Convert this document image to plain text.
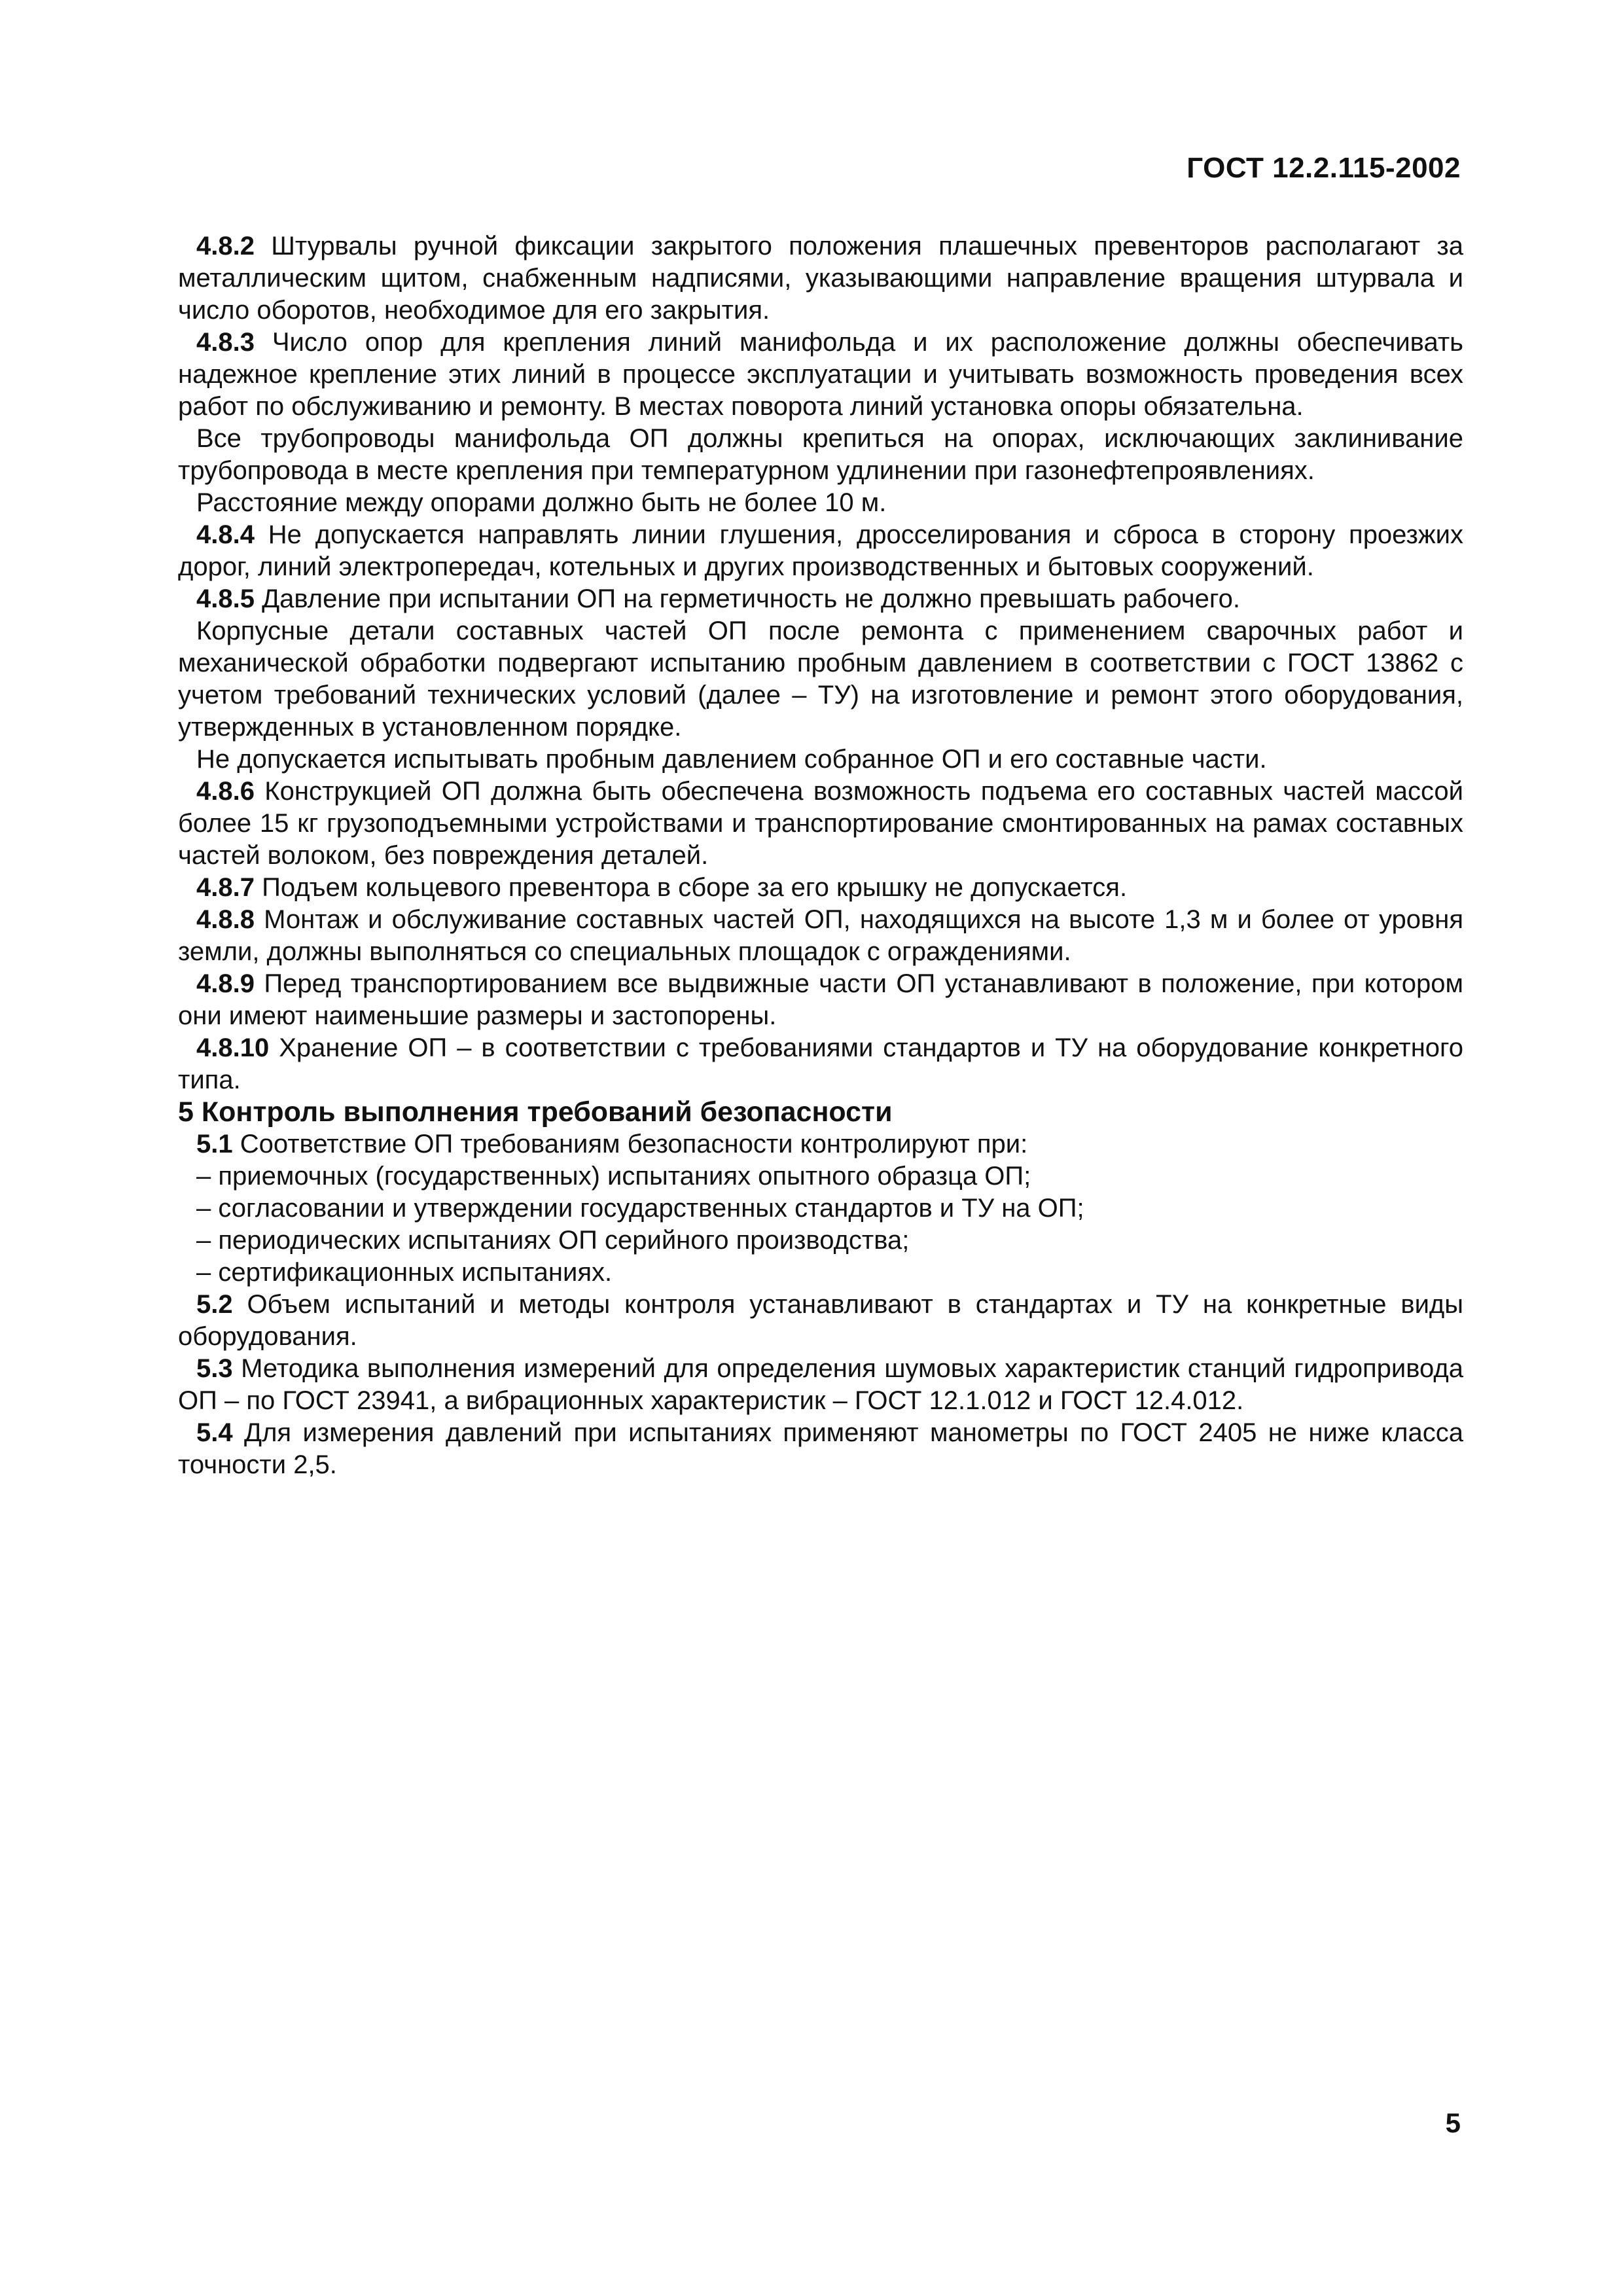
ГОСТ 12.2.115-2002

4.8.2 Штурвалы ручной фиксации закрытого положения плашечных превенторов располагают за металлическим щитом, снабженным надписями, указывающими направление вращения штурвала и число оборотов, необходимое для его закрытия.

4.8.3 Число опор для крепления линий манифольда и их расположение должны обеспечивать надежное крепление этих линий в процессе эксплуатации и учитывать возможность проведения всех работ по обслуживанию и ремонту. В местах поворота линий установка опоры обязательна.

Все трубопроводы манифольда ОП должны крепиться на опорах, исключающих заклинивание трубопровода в месте крепления при температурном удлинении при газонефтепроявлениях.

Расстояние между опорами должно быть не более 10 м.

4.8.4 Не допускается направлять линии глушения, дросселирования и сброса в сторону проезжих дорог, линий электропередач, котельных и других производственных и бытовых сооружений.

4.8.5 Давление при испытании ОП на герметичность не должно превышать рабочего.

Корпусные детали составных частей ОП после ремонта с применением сварочных работ и механической обработки подвергают испытанию пробным давлением в соответствии с ГОСТ 13862 с учетом требований технических условий (далее – ТУ) на изготовление и ремонт этого оборудования, утвержденных в установленном порядке.

Не допускается испытывать пробным давлением собранное ОП и его составные части.

4.8.6 Конструкцией ОП должна быть обеспечена возможность подъема его составных частей массой более 15 кг грузоподъемными устройствами и транспортирование смонтированных на рамах составных частей волоком, без повреждения деталей.

4.8.7 Подъем кольцевого превентора в сборе за его крышку не допускается.

4.8.8 Монтаж и обслуживание составных частей ОП, находящихся на высоте 1,3 м и более от уровня земли, должны выполняться со специальных площадок с ограждениями.

4.8.9 Перед транспортированием все выдвижные части ОП устанавливают в положение, при котором они имеют наименьшие размеры и застопорены.

4.8.10 Хранение ОП – в соответствии с требованиями стандартов и ТУ на оборудование конкретного типа.

5 Контроль выполнения требований безопасности

5.1 Соответствие ОП требованиям безопасности контролируют при:

– приемочных (государственных) испытаниях опытного образца ОП;

– согласовании и утверждении государственных стандартов и ТУ на ОП;

– периодических испытаниях ОП серийного производства;

– сертификационных испытаниях.

5.2 Объем испытаний и методы контроля устанавливают в стандартах и ТУ на конкретные виды оборудования.

5.3 Методика выполнения измерений для определения шумовых характеристик станций гидропривода ОП – по ГОСТ 23941, а вибрационных характеристик – ГОСТ 12.1.012 и ГОСТ 12.4.012.

5.4 Для измерения давлений при испытаниях применяют манометры по ГОСТ 2405 не ниже класса точности 2,5.

5
